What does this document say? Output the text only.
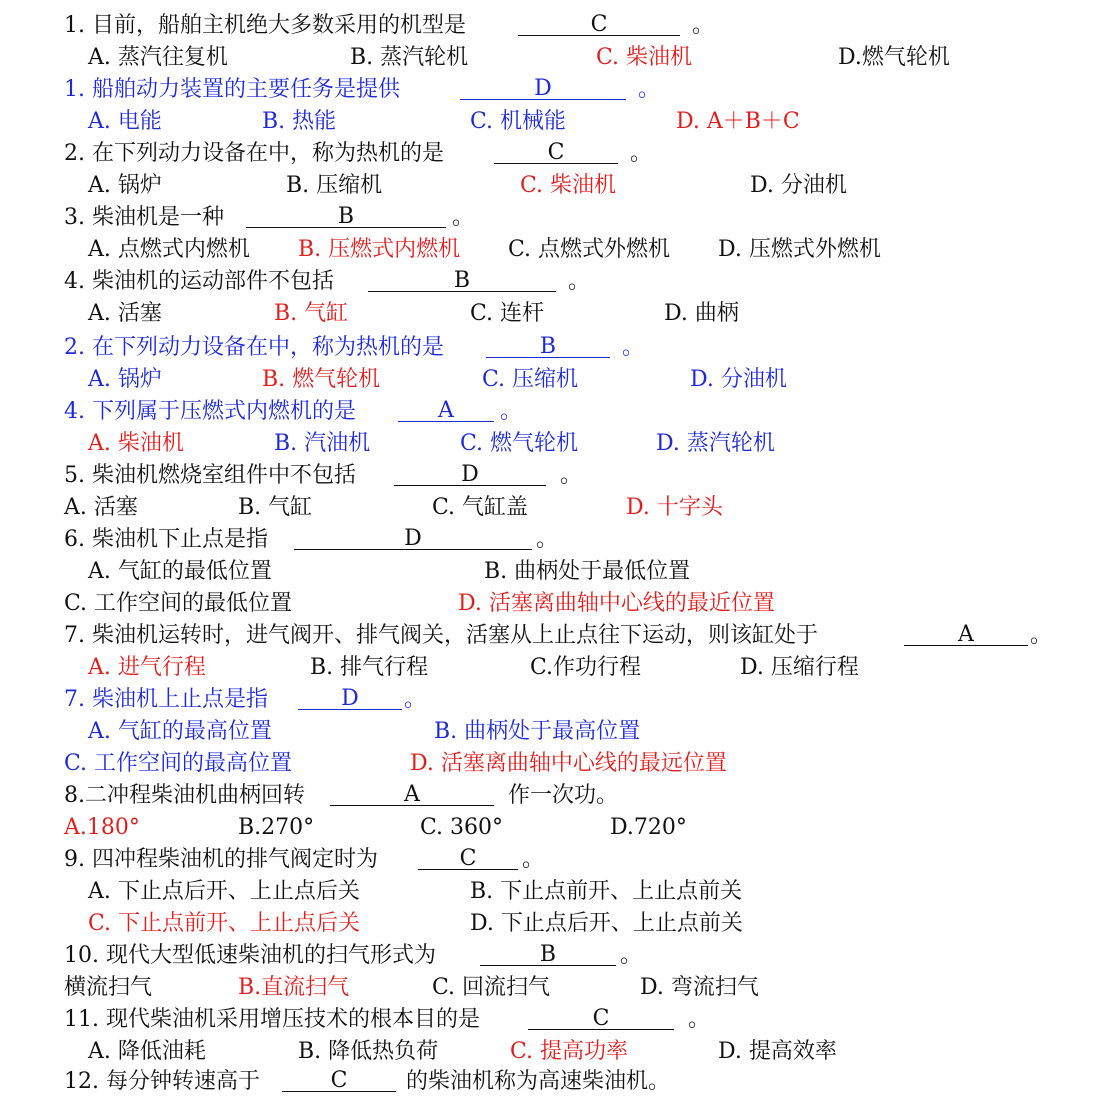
1. 目前，船舶主机绝大多数采用的机型是	C	。
A. 蒸汽往复机	B. 蒸汽轮机	C. 柴油机	D.燃气轮机
1. 船舶动力装置的主要任务是提供	D	。
A. 电能	B. 热能	C. 机械能	D. A＋B＋C
2. 在下列动力设备在中，称为热机的是	C	。
A. 锅炉	B. 压缩机	C. 柴油机	D. 分油机
3. 柴油机是一种	B	。
A. 点燃式内燃机 B. 压燃式内燃机 C. 点燃式外燃机 D. 压燃式外燃机
4. 柴油机的运动部件不包括	B	。
A. 活塞	B. 气缸	C. 连杆	D. 曲柄
2. 在下列动力设备在中，称为热机的是	B	。
A. 锅炉	B. 燃气轮机	C. 压缩机	D. 分油机
4. 下列属于压燃式内燃机的是	A	。
A. 柴油机	B. 汽油机	C. 燃气轮机	D. 蒸汽轮机
5. 柴油机燃烧室组件中不包括	D	。
A. 活塞	B. 气缸	C. 气缸盖	D. 十字头
6. 柴油机下止点是指	D	。
A. 气缸的最低位置	B. 曲柄处于最低位置
C. 工作空间的最低位置	D. 活塞离曲轴中心线的最近位置
7. 柴油机运转时，进气阀开、排气阀关，活塞从上止点往下运动，则该缸处于	A	。
A. 进气行程	B. 排气行程	C.作功行程	D. 压缩行程
7. 柴油机上止点是指	D	。
A. 气缸的最高位置	B. 曲柄处于最高位置
C. 工作空间的最高位置	D. 活塞离曲轴中心线的最远位置
8.二冲程柴油机曲柄回转	A	作一次功。
A.180°	B.270°	C. 360°	D.720°
9. 四冲程柴油机的排气阀定时为	C	。
A. 下止点后开、上止点后关	B. 下止点前开、上止点前关
C. 下止点前开、上止点后关	D. 下止点后开、上止点前关
10. 现代大型低速柴油机的扫气形式为	B	。
横流扫气	B.直流扫气	C. 回流扫气	D. 弯流扫气
11. 现代柴油机采用增压技术的根本目的是	C	。
A. 降低油耗	B. 降低热负荷	C. 提高功率	D. 提高效率
12. 每分钟转速高于	C	的柴油机称为高速柴油机。
